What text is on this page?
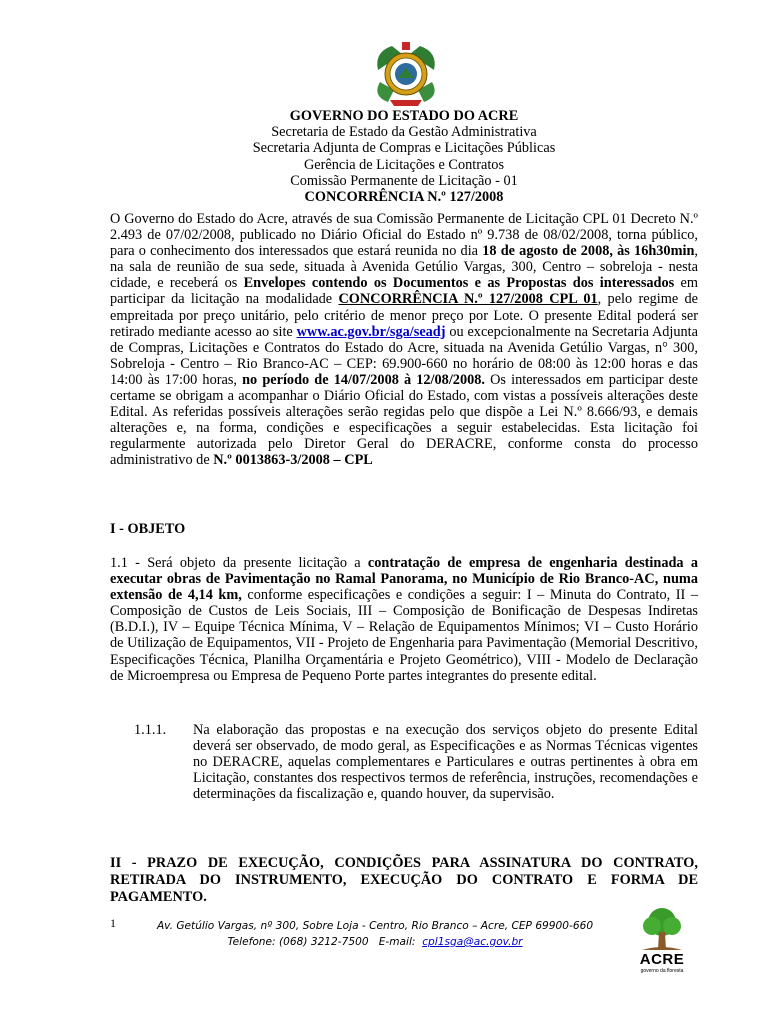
GOVERNO DO ESTADO DO ACRE
Secretaria de Estado da Gestão Administrativa
Secretaria Adjunta de Compras e Licitações Públicas
Gerência de Licitações e Contratos
Comissão Permanente de Licitação - 01
CONCORRÊNCIA N.º 127/2008
O Governo do Estado do Acre, através de sua Comissão Permanente de Licitação CPL 01 Decreto N.º 2.493 de 07/02/2008, publicado no Diário Oficial do Estado nº 9.738 de 08/02/2008, torna público, para o conhecimento dos interessados que estará reunida no dia 18 de agosto de 2008, às 16h30min, na sala de reunião de sua sede, situada à Avenida Getúlio Vargas, 300, Centro – sobreloja - nesta cidade, e receberá os Envelopes contendo os Documentos e as Propostas dos interessados em participar da licitação na modalidade CONCORRÊNCIA N.º 127/2008 CPL 01, pelo regime de empreitada por preço unitário, pelo critério de menor preço por Lote. O presente Edital poderá ser retirado mediante acesso ao site www.ac.gov.br/sga/seadj ou excepcionalmente na Secretaria Adjunta de Compras, Licitações e Contratos do Estado do Acre, situada na Avenida Getúlio Vargas, n° 300, Sobreloja - Centro – Rio Branco-AC – CEP: 69.900-660 no horário de 08:00 às 12:00 horas e das 14:00 às 17:00 horas, no período de 14/07/2008 à 12/08/2008. Os interessados em participar deste certame se obrigam a acompanhar o Diário Oficial do Estado, com vistas a possíveis alterações deste Edital. As referidas possíveis alterações serão regidas pelo que dispõe a Lei N.º 8.666/93, e demais alterações e, na forma, condições e especificações a seguir estabelecidas. Esta licitação foi regularmente autorizada pelo Diretor Geral do DERACRE, conforme consta do processo administrativo de N.º 0013863-3/2008 – CPL
I - OBJETO
1.1 - Será objeto da presente licitação a contratação de empresa de engenharia destinada a executar obras de Pavimentação no Ramal Panorama, no Município de Rio Branco-AC, numa extensão de 4,14 km, conforme especificações e condições a seguir: I – Minuta do Contrato, II – Composição de Custos de Leis Sociais, III – Composição de Bonificação de Despesas Indiretas (B.D.I.), IV – Equipe Técnica Mínima, V – Relação de Equipamentos Mínimos; VI – Custo Horário de Utilização de Equipamentos, VII - Projeto de Engenharia para Pavimentação (Memorial Descritivo, Especificações Técnica, Planilha Orçamentária e Projeto Geométrico), VIII - Modelo de Declaração de Microempresa ou Empresa de Pequeno Porte partes integrantes do presente edital.
1.1.1. Na elaboração das propostas e na execução dos serviços objeto do presente Edital deverá ser observado, de modo geral, as Especificações e as Normas Técnicas vigentes no DERACRE, aquelas complementares e Particulares e outras pertinentes à obra em Licitação, constantes dos respectivos termos de referência, instruções, recomendações e determinações da fiscalização e, quando houver, da supervisão.
II - PRAZO DE EXECUÇÃO, CONDIÇÕES PARA ASSINATURA DO CONTRATO, RETIRADA DO INSTRUMENTO, EXECUÇÃO DO CONTRATO E FORMA DE PAGAMENTO.
1	Av. Getúlio Vargas, nº 300, Sobre Loja - Centro, Rio Branco – Acre, CEP 69900-660
Telefone: (068) 3212-7500 E-mail: cpl1sga@ac.gov.br
ACRE
governo da floresta
